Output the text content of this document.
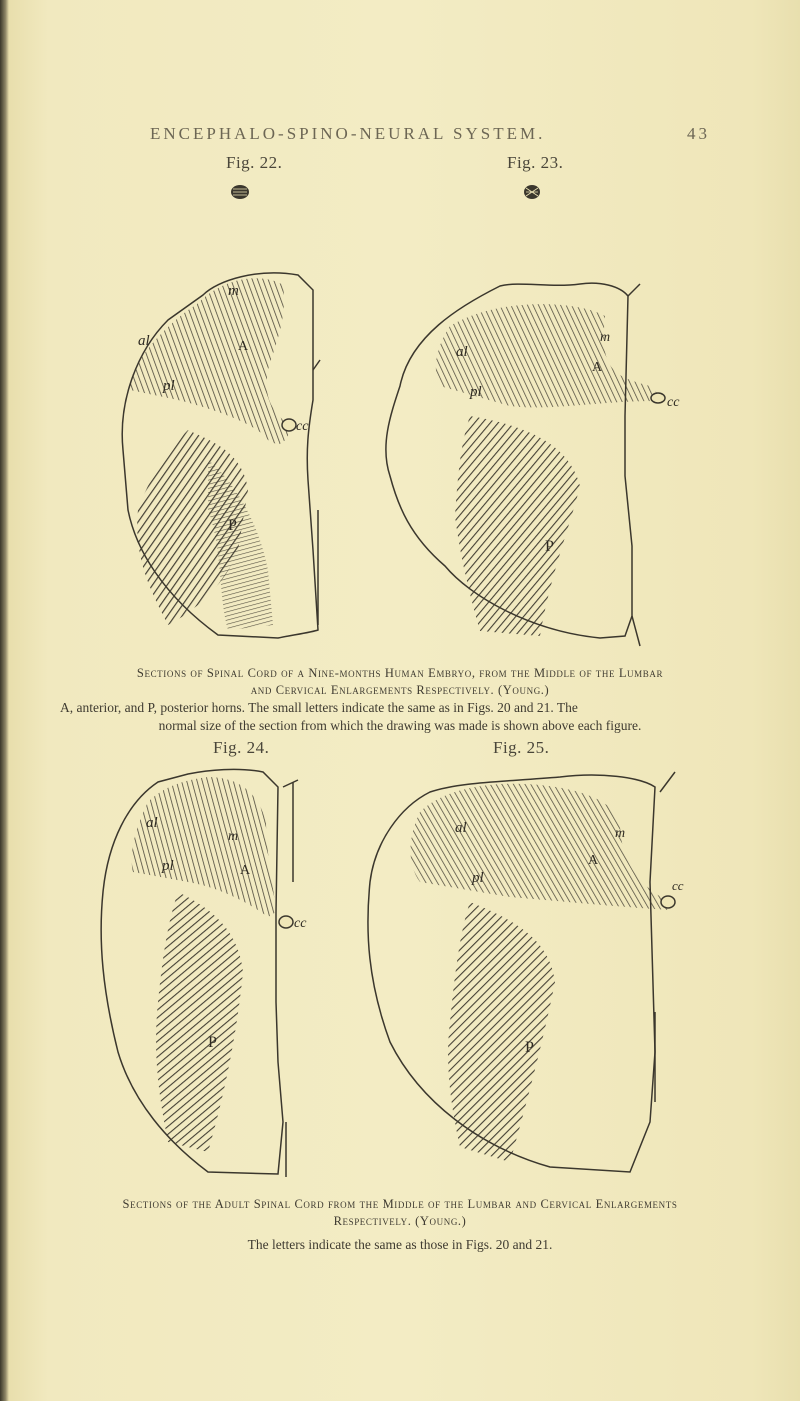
ENCEPHALO-SPINO-NEURAL SYSTEM.	43
Fig. 22.	Fig. 23.
m
al	A
cc
pl
P
al
m
A
cc
pl
P
Sections of Spinal Cord of a Nine-months Human Embryo, from the Middle of the Lumbar
and Cervical Enlargements Respectively. (Young.)
A, anterior, and P, posterior horns. The small letters indicate the same as in Figs. 20 and 21. The
normal size of the section from which the drawing was made is shown above each figure.
Fig. 24.	Fig. 25.
al
m
A
cc
pl
P
al	m
A
cc
pl
P
Sections of the Adult Spinal Cord from the Middle of the Lumbar and Cervical Enlargements
Respectively. (Young.)
The letters indicate the same as those in Figs. 20 and 21.
